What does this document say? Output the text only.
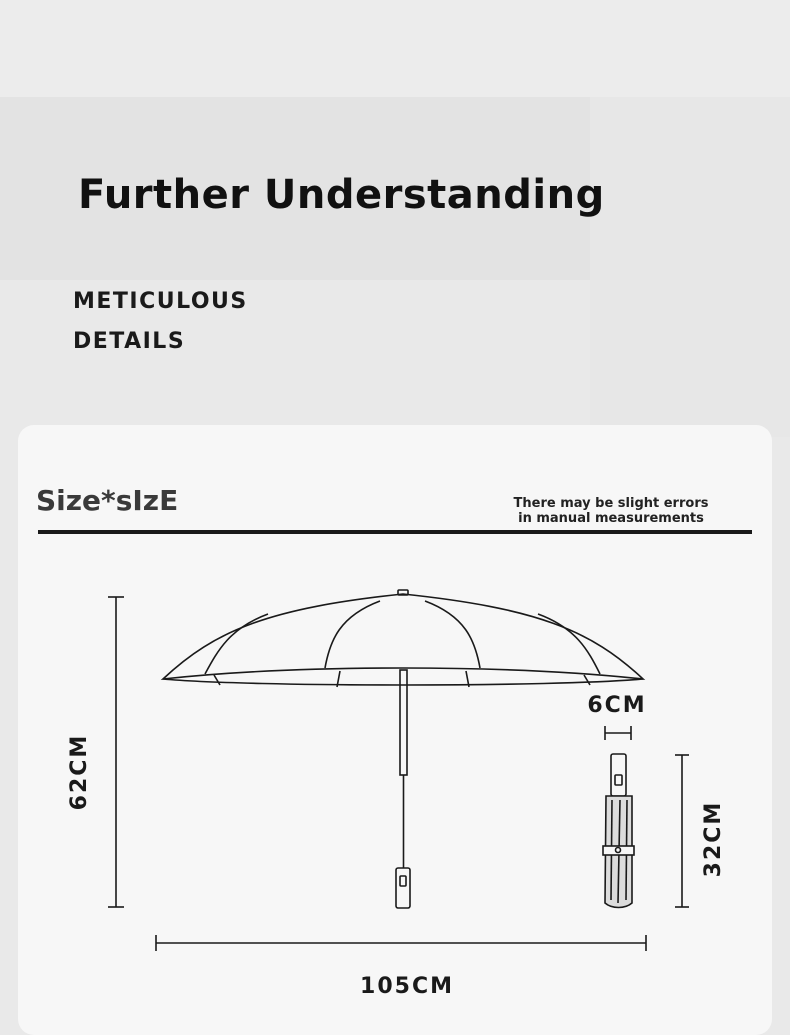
Further Understanding
METICULOUS
DETAILS
Size*sIzE	There may be slight errors
in manual measurements
62CM
105CM
6CM
32CM
